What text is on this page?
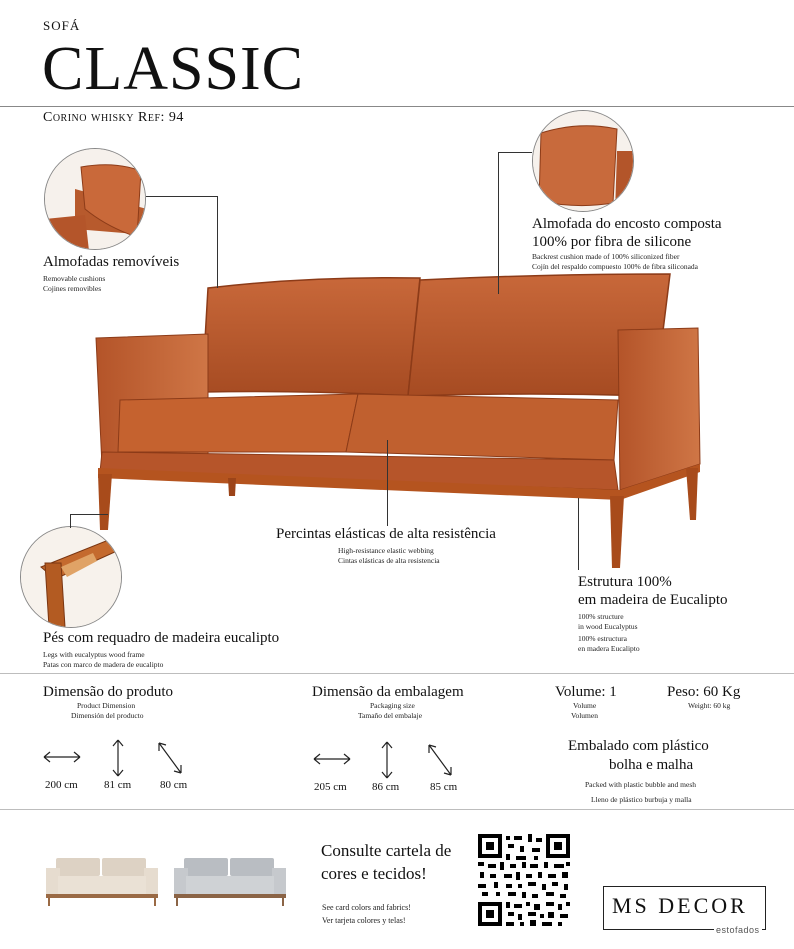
SOFÁ
CLASSIC
Corino whisky Ref: 94
Almofadas removíveis
Removable cushions
Cojines removibles
Almofada do encosto composta
100% por fibra de silicone
Backrest cushion made of 100% siliconized fiber
Cojín del respaldo compuesto 100% de fibra siliconada
Percintas elásticas de alta resistência
High-resistance elastic webbing
Cintas elásticas de alta resistencia
Estrutura 100%
em madeira de Eucalipto
100% structure
in wood Eucalyptus
100% estructura
en madera Eucalipto
Pés com requadro de madeira eucalipto
Legs with eucalyptus wood frame
Patas con marco de madera de eucalipto
Dimensão do produto
Product Dimension
Dimensión del producto
200 cm 81 cm	80 cm
Dimensão da embalagem
Packaging size
Tamaño del embalaje
205 cm 86 cm	85 cm
Volume: 1
Volume
Volumen
Peso: 60 Kg
Weight: 60 kg
Embalado com plástico
bolha e malha
Packed with plastic bubble and mesh
Lleno de plástico burbuja y malla
Consulte cartela de
cores e tecidos!
See card colors and fabrics!
Ver tarjeta colores y telas!
MS DECOR
estofados
